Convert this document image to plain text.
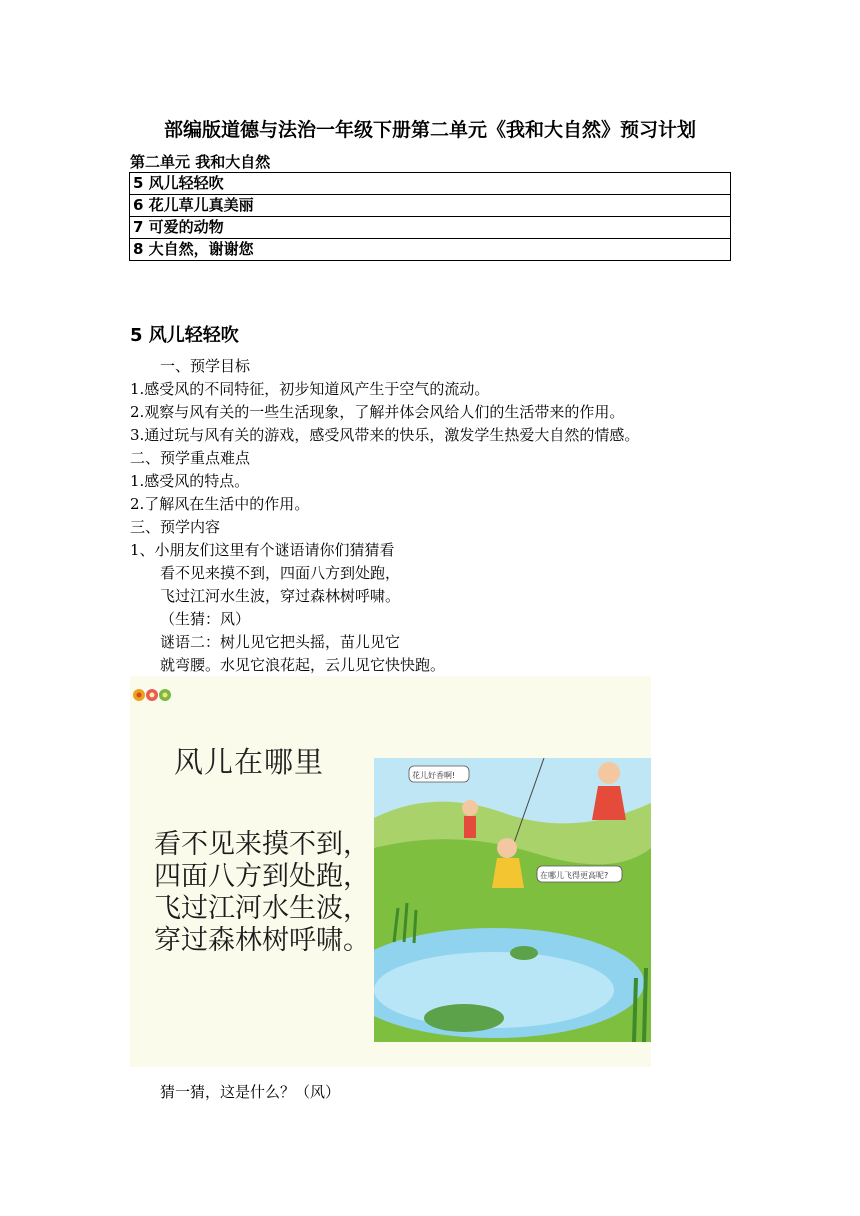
部编版道德与法治一年级下册第二单元《我和大自然》预习计划
第二单元 我和大自然
5 风儿轻轻吹
6 花儿草儿真美丽
7 可爱的动物
8 大自然，谢谢您
5 风儿轻轻吹
一、预学目标
1.感受风的不同特征，初步知道风产生于空气的流动。
2.观察与风有关的一些生活现象，了解并体会风给人们的生活带来的作用。
3.通过玩与风有关的游戏，感受风带来的快乐，激发学生热爱大自然的情感。
二、预学重点难点
1.感受风的特点。
2.了解风在生活中的作用。
三、预学内容
1、小朋友们这里有个谜语请你们猜猜看
看不见来摸不到，四面八方到处跑，
飞过江河水生波，穿过森林树呼啸。
（生猜：风）
谜语二：树儿见它把头摇，苗儿见它
就弯腰。水见它浪花起，云儿见它快快跑。
风儿在哪里
看不见来摸不到，
四面八方到处跑，
飞过江河水生波，
穿过森林树呼啸。
花儿好香啊!
在哪儿飞得更高呢?
猜一猜，这是什么？（风）
